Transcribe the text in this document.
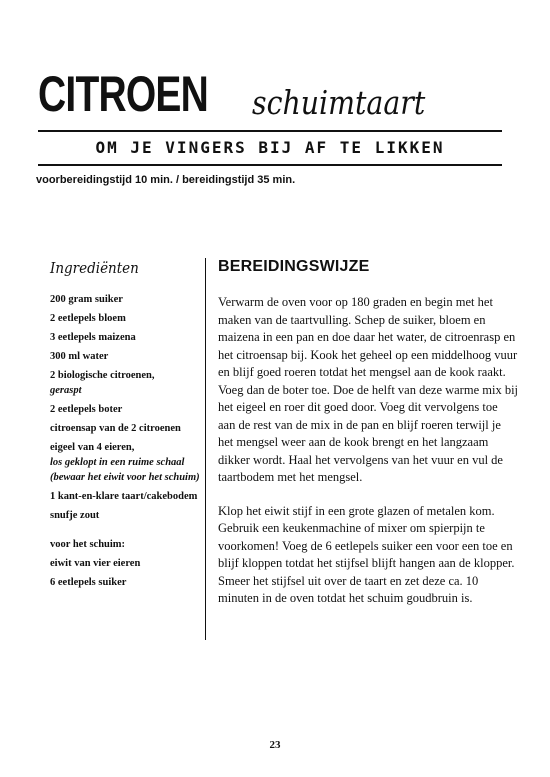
CITROEN schuimtaart
OM JE VINGERS BIJ AF TE LIKKEN
voorbereidingstijd 10 min. / bereidingstijd 35 min.
Ingrediënten
200 gram suiker
2 eetlepels bloem
3 eetlepels maizena
300 ml water
2 biologische citroenen,
geraspt
2 eetlepels boter
citroensap van de 2 citroenen
eigeel van 4 eieren,
los geklopt in een ruime schaal (bewaar het eiwit voor het schuim)
1 kant-en-klare taart/cakebodem
snufje zout
voor het schuim:
eiwit van vier eieren
6 eetlepels suiker
BEREIDINGSWIJZE

Verwarm de oven voor op 180 graden en begin met het maken van de taartvulling. Schep de suiker, bloem en maizena in een pan en doe daar het water, de citroenrasp en het citroensap bij. Kook het geheel op een middelhoog vuur en blijf goed roeren totdat het mengsel aan de kook raakt. Voeg dan de boter toe. Doe de helft van deze warme mix bij het eigeel en roer dit goed door. Voeg dit vervolgens toe aan de rest van de mix in de pan en blijf roeren terwijl je het mengsel weer aan de kook brengt en het langzaam dikker wordt. Haal het vervolgens van het vuur en vul de taartbodem met het mengsel.

Klop het eiwit stijf in een grote glazen of metalen kom. Gebruik een keukenmachine of mixer om spierpijn te voorkomen! Voeg de 6 eetlepels suiker een voor een toe en blijf kloppen totdat het stijfsel blijft hangen aan de klopper. Smeer het stijfsel uit over de taart en zet deze ca. 10 minuten in de oven totdat het schuim goudbruin is.

23
